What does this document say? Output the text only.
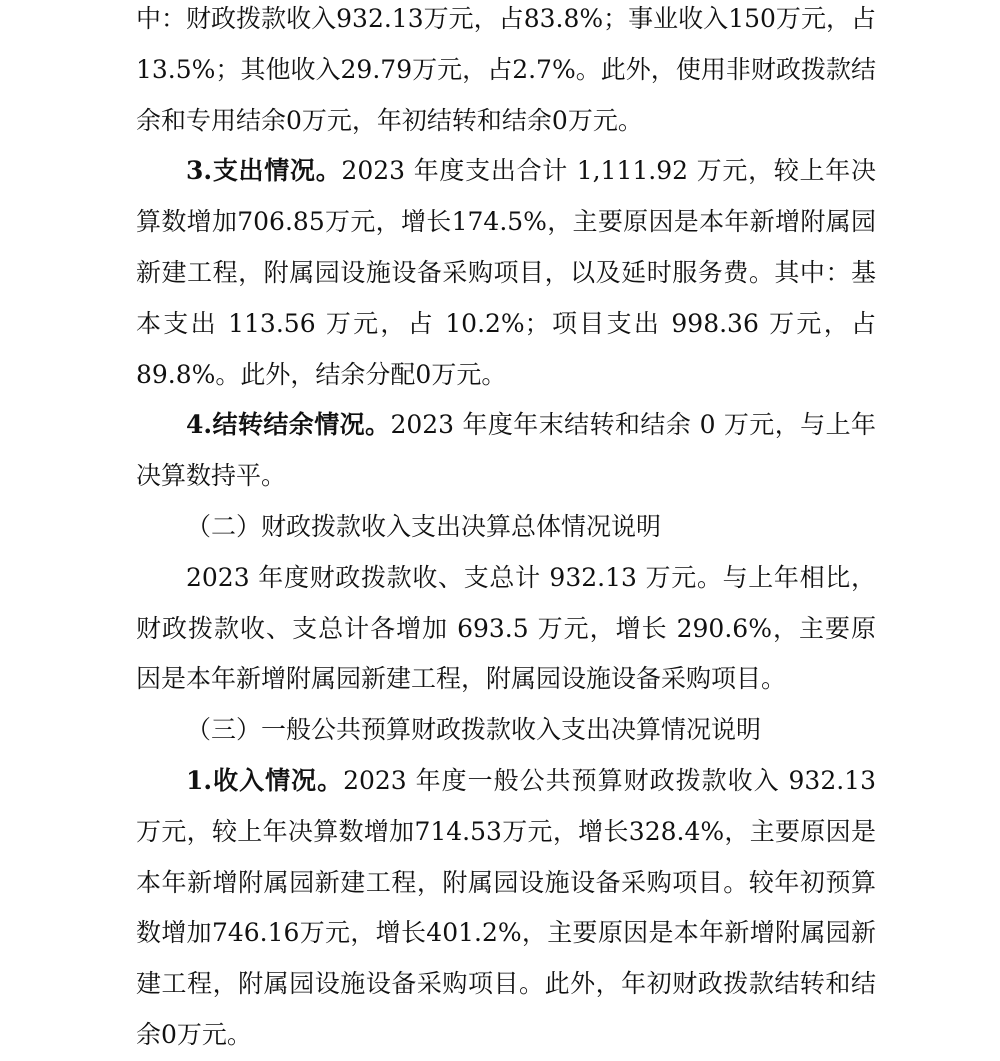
中：财政拨款收入932.13万元，占83.8%；事业收入150万元，占13.5%；其他收入29.79万元，占2.7%。此外，使用非财政拨款结余和专用结余0万元，年初结转和结余0万元。

3.支出情况。2023 年度支出合计 1,111.92 万元，较上年决算数增加706.85万元，增长174.5%，主要原因是本年新增附属园新建工程，附属园设施设备采购项目，以及延时服务费。其中：基本支出 113.56 万元，占 10.2%；项目支出 998.36 万元，占89.8%。此外，结余分配0万元。

4.结转结余情况。2023 年度年末结转和结余 0 万元，与上年决算数持平。

（二）财政拨款收入支出决算总体情况说明

2023 年度财政拨款收、支总计 932.13 万元。与上年相比，财政拨款收、支总计各增加 693.5 万元，增长 290.6%，主要原因是本年新增附属园新建工程，附属园设施设备采购项目。

（三）一般公共预算财政拨款收入支出决算情况说明

1.收入情况。2023 年度一般公共预算财政拨款收入 932.13 万元，较上年决算数增加714.53万元，增长328.4%，主要原因是本年新增附属园新建工程，附属园设施设备采购项目。较年初预算数增加746.16万元，增长401.2%，主要原因是本年新增附属园新建工程，附属园设施设备采购项目。此外，年初财政拨款结转和结余0万元。
